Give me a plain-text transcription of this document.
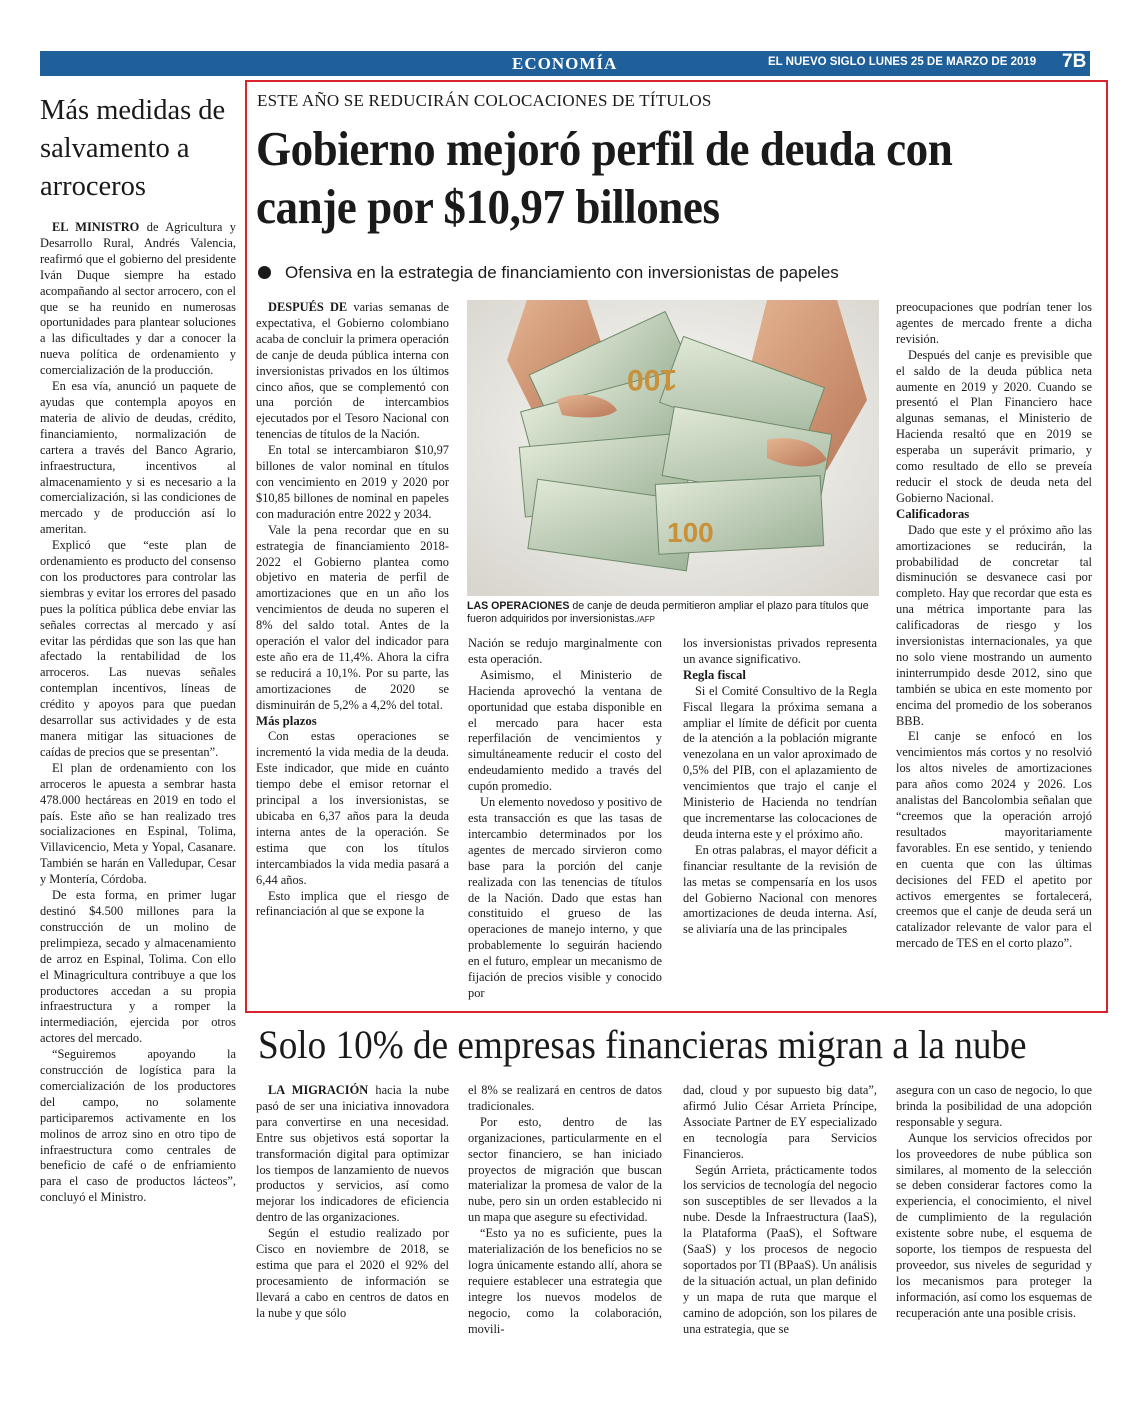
ECONOMÍA	EL NUEVO SIGLO LUNES 25 DE MARZO DE 2019 7B
Más medidas de salvamento a arroceros

EL MINISTRO de Agricultura y Desarrollo Rural, Andrés Valencia, reafirmó que el gobierno del presidente Iván Duque siempre ha estado acompañando al sector arrocero, con el que se ha reunido en numerosas oportunidades para plantear soluciones a las dificultades y dar a conocer la nueva política de ordenamiento y comercialización de la producción.

En esa vía, anunció un paquete de ayudas que contempla apoyos en materia de alivio de deudas, crédito, financiamiento, normalización de cartera a través del Banco Agrario, infraestructura, incentivos al almacenamiento y si es necesario a la comercialización, si las condiciones de mercado y de producción así lo ameritan.

Explicó que “este plan de ordenamiento es producto del consenso con los productores para controlar las siembras y evitar los errores del pasado pues la política pública debe enviar las señales correctas al mercado y así evitar las pérdidas que son las que han afectado la rentabilidad de los arroceros. Las nuevas señales contemplan incentivos, líneas de crédito y apoyos para que puedan desarrollar sus actividades y de esta manera mitigar las situaciones de caídas de precios que se presentan”.

El plan de ordenamiento con los arroceros le apuesta a sembrar hasta 478.000 hectáreas en 2019 en todo el país. Este año se han realizado tres socializaciones en Espinal, Tolima, Villavicencio, Meta y Yopal, Casanare. También se harán en Valledupar, Cesar y Montería, Córdoba.

De esta forma, en primer lugar destinó $4.500 millones para la construcción de un molino de prelimpieza, secado y almacenamiento de arroz en Espinal, Tolima. Con ello el Minagricultura contribuye a que los productores accedan a su propia infraestructura y a romper la intermediación, ejercida por otros actores del mercado.

“Seguiremos apoyando la construcción de logística para la comercialización de los productores del campo, no solamente participaremos activamente en los molinos de arroz sino en otro tipo de infraestructura como centrales de beneficio de café o de enfriamiento para el caso de productos lácteos”, concluyó el Ministro.

ESTE AÑO SE REDUCIRÁN COLOCACIONES DE TÍTULOS
Gobierno mejoró perfil de deuda con canje por $10,97 billones
Ofensiva en la estrategia de financiamiento con inversionistas de papeles

DESPUÉS DE varias semanas de expectativa, el Gobierno colombiano acaba de concluir la primera operación de canje de deuda pública interna con inversionistas privados en los últimos cinco años, que se complementó con una porción de intercambios ejecutados por el Tesoro Nacional con tenencias de títulos de la Nación.

En total se intercambiaron $10,97 billones de valor nominal en títulos con vencimiento en 2019 y 2020 por $10,85 billones de nominal en papeles con maduración entre 2022 y 2034.

Vale la pena recordar que en su estrategia de financiamiento 2018-2022 el Gobierno plantea como objetivo en materia de perfil de amortizaciones que en un año los vencimientos de deuda no superen el 8% del saldo total. Antes de la operación el valor del indicador para este año era de 11,4%. Ahora la cifra se reducirá a 10,1%. Por su parte, las amortizaciones de 2020 se disminuirán de 5,2% a 4,2% del total.

Más plazos

Con estas operaciones se incrementó la vida media de la deuda. Este indicador, que mide en cuánto tiempo debe el emisor retornar el principal a los inversionistas, se ubicaba en 6,37 años para la deuda interna antes de la operación. Se estima que con los títulos intercambiados la vida media pasará a 6,44 años.

Esto implica que el riesgo de refinanciación al que se expone la

100
100
LAS OPERACIONES de canje de deuda permitieron ampliar el plazo para títulos que fueron adquiridos por inversionistas./AFP

Nación se redujo marginalmente con esta operación.

Asimismo, el Ministerio de Hacienda aprovechó la ventana de oportunidad que estaba disponible en el mercado para hacer esta reperfilación de vencimientos y simultáneamente reducir el costo del endeudamiento medido a través del cupón promedio.

Un elemento novedoso y positivo de esta transacción es que las tasas de intercambio determinados por los agentes de mercado sirvieron como base para la porción del canje realizada con las tenencias de títulos de la Nación. Dado que estas han constituido el grueso de las operaciones de manejo interno, y que probablemente lo seguirán haciendo en el futuro, emplear un mecanismo de fijación de precios visible y conocido por

los inversionistas privados representa un avance significativo.

Regla fiscal

Si el Comité Consultivo de la Regla Fiscal llegara la próxima semana a ampliar el límite de déficit por cuenta de la atención a la población migrante venezolana en un valor aproximado de 0,5% del PIB, con el aplazamiento de vencimientos que trajo el canje el Ministerio de Hacienda no tendrían que incrementarse las colocaciones de deuda interna este y el próximo año.

En otras palabras, el mayor déficit a financiar resultante de la revisión de las metas se compensaría en los usos del Gobierno Nacional con menores amortizaciones de deuda interna. Así, se aliviaría una de las principales

preocupaciones que podrían tener los agentes de mercado frente a dicha revisión.

Después del canje es previsible que el saldo de la deuda pública neta aumente en 2019 y 2020. Cuando se presentó el Plan Financiero hace algunas semanas, el Ministerio de Hacienda resaltó que en 2019 se esperaba un superávit primario, y como resultado de ello se preveía reducir el stock de deuda neta del Gobierno Nacional.

Calificadoras

Dado que este y el próximo año las amortizaciones se reducirán, la probabilidad de concretar tal disminución se desvanece casi por completo. Hay que recordar que esta es una métrica importante para las calificadoras de riesgo y los inversionistas internacionales, ya que no solo viene mostrando un aumento ininterrumpido desde 2012, sino que también se ubica en este momento por encima del promedio de los soberanos BBB.

El canje se enfocó en los vencimientos más cortos y no resolvió los altos niveles de amortizaciones para años como 2024 y 2026. Los analistas del Bancolombia señalan que “creemos que la operación arrojó resultados mayoritariamente favorables. En ese sentido, y teniendo en cuenta que con las últimas decisiones del FED el apetito por activos emergentes se fortalecerá, creemos que el canje de deuda será un catalizador relevante de valor para el mercado de TES en el corto plazo”.

Solo 10% de empresas financieras migran a la nube

LA MIGRACIÓN hacia la nube pasó de ser una iniciativa innovadora para convertirse en una necesidad. Entre sus objetivos está soportar la transformación digital para optimizar los tiempos de lanzamiento de nuevos productos y servicios, así como mejorar los indicadores de eficiencia dentro de las organizaciones.

Según el estudio realizado por Cisco en noviembre de 2018, se estima que para el 2020 el 92% del procesamiento de información se llevará a cabo en centros de datos en la nube y que sólo

el 8% se realizará en centros de datos tradicionales.

Por esto, dentro de las organizaciones, particularmente en el sector financiero, se han iniciado proyectos de migración que buscan materializar la promesa de valor de la nube, pero sin un orden establecido ni un mapa que asegure su efectividad.

“Esto ya no es suficiente, pues la materialización de los beneficios no se logra únicamente estando allí, ahora se requiere establecer una estrategia que integre los nuevos modelos de negocio, como la colaboración, movili-

dad, cloud y por supuesto big data”, afirmó Julio César Arrieta Príncipe, Associate Partner de EY especializado en tecnología para Servicios Financieros.

Según Arrieta, prácticamente todos los servicios de tecnología del negocio son susceptibles de ser llevados a la nube. Desde la Infraestructura (IaaS), la Plataforma (PaaS), el Software (SaaS) y los procesos de negocio soportados por TI (BPaaS). Un análisis de la situación actual, un plan definido y un mapa de ruta que marque el camino de adopción, son los pilares de una estrategia, que se

asegura con un caso de negocio, lo que brinda la posibilidad de una adopción responsable y segura.

Aunque los servicios ofrecidos por los proveedores de nube pública son similares, al momento de la selección se deben considerar factores como la experiencia, el conocimiento, el nivel de cumplimiento de la regulación existente sobre nube, el esquema de soporte, los tiempos de respuesta del proveedor, sus niveles de seguridad y los mecanismos para proteger la información, así como los esquemas de recuperación ante una posible crisis.
